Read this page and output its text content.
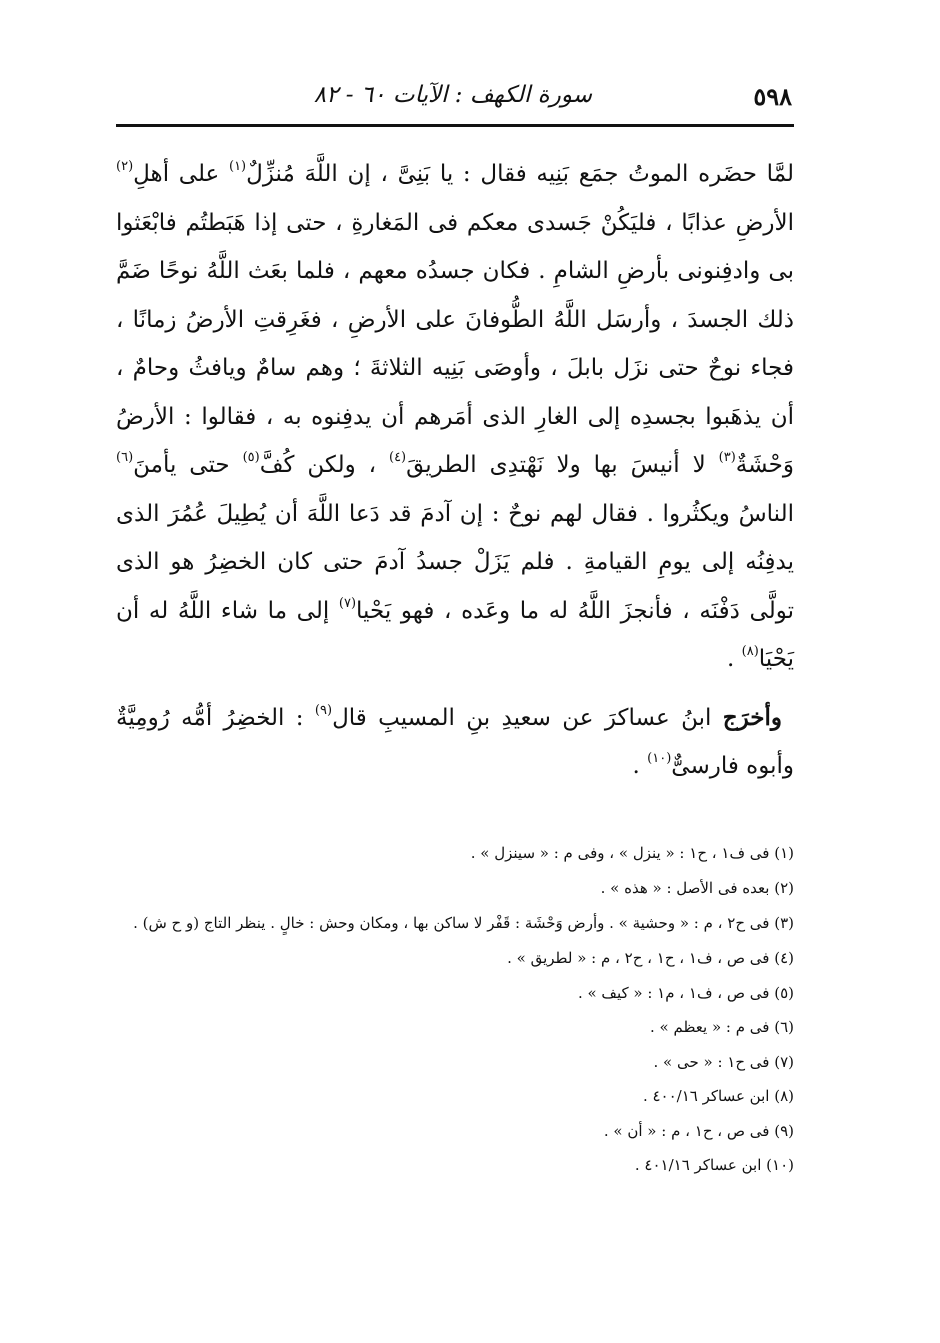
٥٩٨
سورة الكهف : الآيات ٦٠ - ٨٢

لمَّا حضَره الموتُ جمَع بَنِيه فقال : يا بَنِىَّ ، إن اللَّهَ مُنزِّلٌ$^{(١)}$ على أهلِ$^{(٢)}$ الأرضِ عذابًا ، فليَكُنْ جَسدى معكم فى المَغارةِ ، حتى إذا هَبَطتُم فابْعَثوا بى وادفِنونى بأرضِ الشامِ . فكان جسدُه معهم ، فلما بعَث اللَّهُ نوحًا ضَمَّ ذلك الجسدَ ، وأرسَل اللَّهُ الطُّوفانَ على الأرضِ ، فغَرِقتِ الأرضُ زمانًا ، فجاء نوحٌ حتى نزَل بابلَ ، وأوصَى بَنِيه الثلاثةَ ؛ وهم سامٌ ويافثُ وحامٌ ، أن يذهَبوا بجسدِه إلى الغارِ الذى أمَرهم أن يدفِنوه به ، فقالوا : الأرضُ وَحْشَةٌ$^{(٣)}$ لا أنيسَ بها ولا نَهْتدِى الطريقَ$^{(٤)}$ ، ولكن كُفَّ$^{(٥)}$ حتى يأمنَ$^{(٦)}$ الناسُ ويكثُروا . فقال لهم نوحٌ : إن آدمَ قد دَعا اللَّهَ أن يُطِيلَ عُمُرَ الذى يدفِنُه إلى يومِ القيامةِ . فلم يَزَلْ جسدُ آدمَ حتى كان الخضِرُ هو الذى تولَّى دَفْنَه ، فأنجزَ اللَّهُ له ما وعَده ، فهو يَحْيا$^{(٧)}$ إلى ما شاء اللَّهُ له أن يَحْيَا$^{(٨)}$ .

وأخرَج ابنُ عساكرَ عن سعيدِ بنِ المسيبِ قال$^{(٩)}$ : الخضِرُ أمُّه رُومِيَّةٌ وأبوه فارسىٌّ$^{(١٠)}$ .

(١) فى ف١ ، ح١ : « ينزل » ، وفى م : « سينزل » .
(٢) بعده فى الأصل : « هذه » .
(٣) فى ح٢ ، م : « وحشية » . وأرض وَحْشَة : قَفْر لا ساكن بها ، ومكان وحش : خالٍ . ينظر التاج (و ح ش) .
(٤) فى ص ، ف١ ، ح١ ، ح٢ ، م : « لطريق » .
(٥) فى ص ، ف١ ، م١ : « كيف » .
(٦) فى م : « يعظم » .
(٧) فى ح١ : « حى » .
(٨) ابن عساكر ٤٠٠/١٦ .
(٩) فى ص ، ح١ ، م : « أن » .
(١٠) ابن عساكر ٤٠١/١٦ .
